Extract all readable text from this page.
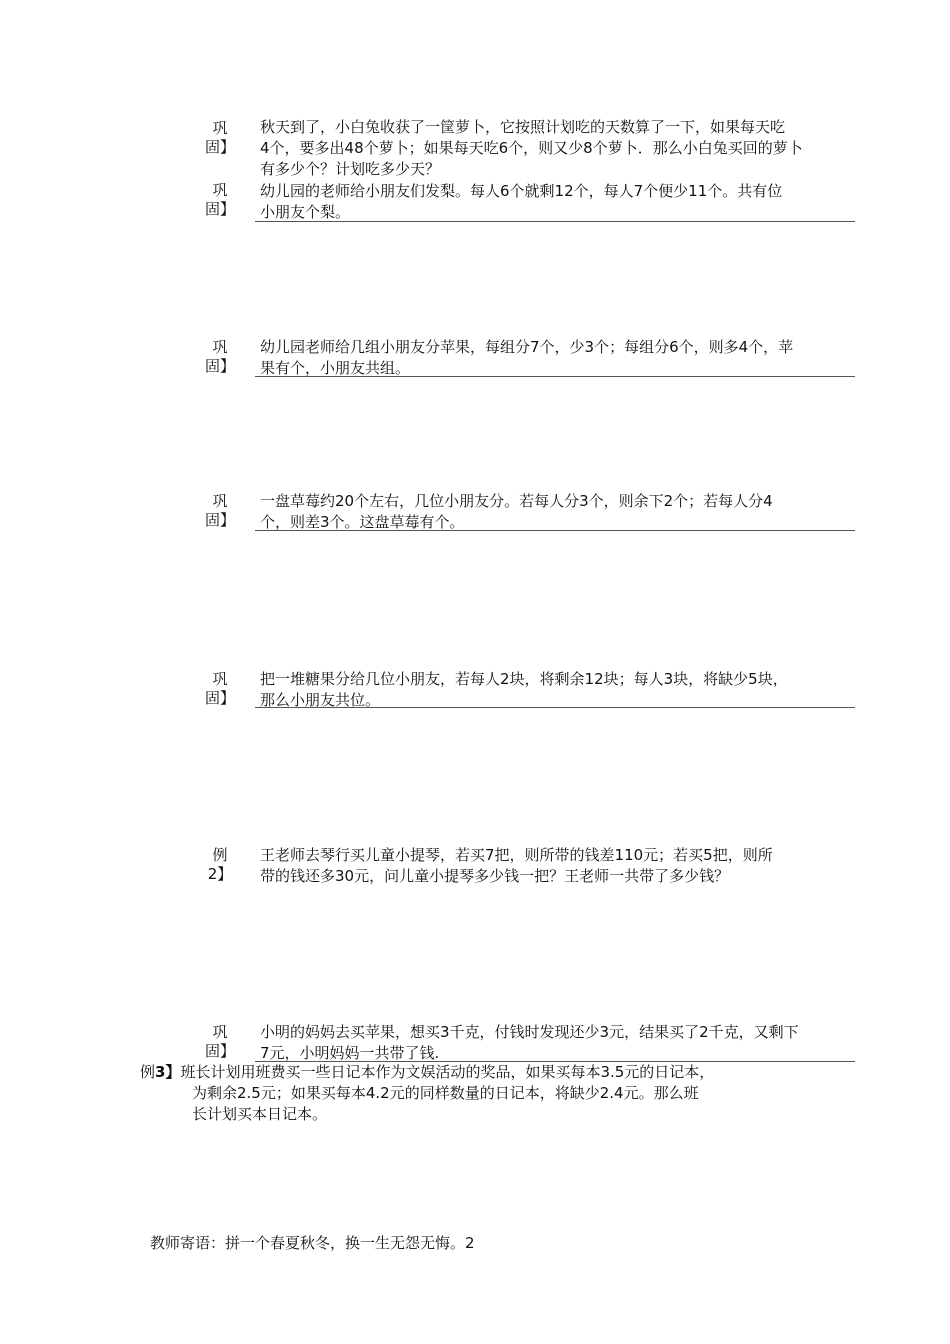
巩
固】
秋天到了，小白兔收获了一筐萝卜，它按照计划吃的天数算了一下，如果每天吃
4个，要多出48个萝卜；如果每天吃6个，则又少8个萝卜．那么小白兔买回的萝卜
有多少个？计划吃多少天？
巩
固】
幼儿园的老师给小朋友们发梨。每人6个就剩12个，每人7个便少11个。共有位
小朋友个梨。
巩
固】
幼儿园老师给几组小朋友分苹果，每组分7个，少3个；每组分6个，则多4个，苹
果有个，小朋友共组。
巩
固】
一盘草莓约20个左右，几位小朋友分。若每人分3个，则余下2个；若每人分4
个，则差3个。这盘草莓有个。
巩
固】
把一堆糖果分给几位小朋友，若每人2块，将剩余12块；每人3块，将缺少5块，
那么小朋友共位。
例
2】
王老师去琴行买儿童小提琴，若买7把，则所带的钱差110元；若买5把，则所
带的钱还多30元，问儿童小提琴多少钱一把？王老师一共带了多少钱？
巩
固】
小明的妈妈去买苹果，想买3千克，付钱时发现还少3元，结果买了2千克，又剩下
7元，小明妈妈一共带了钱.
例3】班长计划用班费买一些日记本作为文娱活动的奖品，如果买每本3.5元的日记本，
为剩余2.5元；如果买每本4.2元的同样数量的日记本，将缺少2.4元。那么班
长计划买本日记本。
教师寄语：拼一个春夏秋冬，换一生无怨无悔。2
